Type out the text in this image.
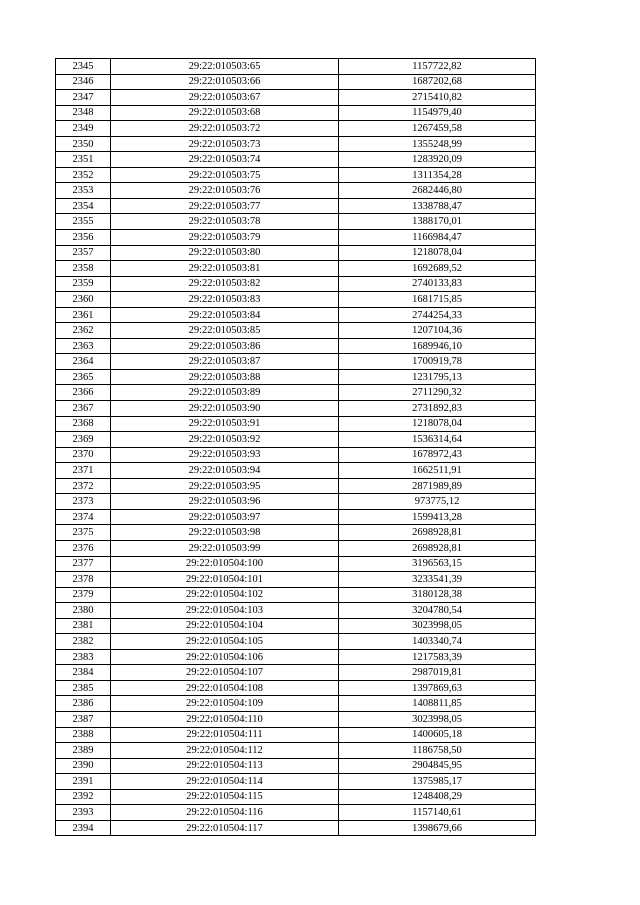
2345	29:22:010503:65	1157722,82
2346	29:22:010503:66	1687202,68
2347	29:22:010503:67	2715410,82
2348	29:22:010503:68	1154979,40
2349	29:22:010503:72	1267459,58
2350	29:22:010503:73	1355248,99
2351	29:22:010503:74	1283920,09
2352	29:22:010503:75	1311354,28
2353	29:22:010503:76	2682446,80
2354	29:22:010503:77	1338788,47
2355	29:22:010503:78	1388170,01
2356	29:22:010503:79	1166984,47
2357	29:22:010503:80	1218078,04
2358	29:22:010503:81	1692689,52
2359	29:22:010503:82	2740133,83
2360	29:22:010503:83	1681715,85
2361	29:22:010503:84	2744254,33
2362	29:22:010503:85	1207104,36
2363	29:22:010503:86	1689946,10
2364	29:22:010503:87	1700919,78
2365	29:22:010503:88	1231795,13
2366	29:22:010503:89	2711290,32
2367	29:22:010503:90	2731892,83
2368	29:22:010503:91	1218078,04
2369	29:22:010503:92	1536314,64
2370	29:22:010503:93	1678972,43
2371	29:22:010503:94	1662511,91
2372	29:22:010503:95	2871989,89
2373	29:22:010503:96	973775,12
2374	29:22:010503:97	1599413,28
2375	29:22:010503:98	2698928,81
2376	29:22:010503:99	2698928,81
2377	29:22:010504:100	3196563,15
2378	29:22:010504:101	3233541,39
2379	29:22:010504:102	3180128,38
2380	29:22:010504:103	3204780,54
2381	29:22:010504:104	3023998,05
2382	29:22:010504:105	1403340,74
2383	29:22:010504:106	1217583,39
2384	29:22:010504:107	2987019,81
2385	29:22:010504:108	1397869,63
2386	29:22:010504:109	1408811,85
2387	29:22:010504:110	3023998,05
2388	29:22:010504:111	1400605,18
2389	29:22:010504:112	1186758,50
2390	29:22:010504:113	2904845,95
2391	29:22:010504:114	1375985,17
2392	29:22:010504:115	1248408,29
2393	29:22:010504:116	1157140,61
2394	29:22:010504:117	1398679,66
